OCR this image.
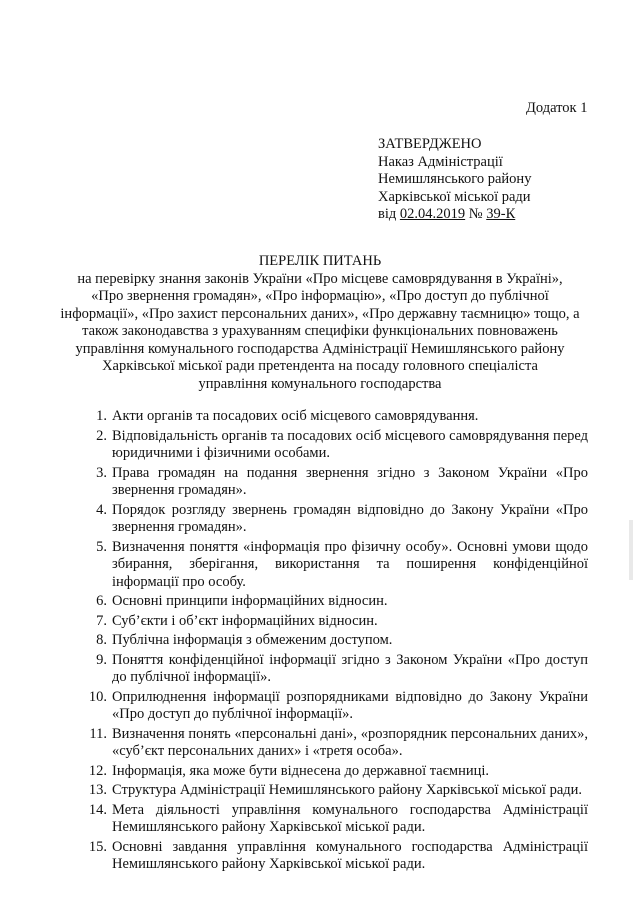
Додаток 1
ЗАТВЕРДЖЕНО
Наказ Адміністрації
Немишлянського району
Харківської міської ради
від 02.04.2019 № 39-К
ПЕРЕЛІК ПИТАНЬ
на перевірку знання законів України «Про місцеве самоврядування в Україні»,
«Про звернення громадян», «Про інформацію», «Про доступ до публічної
інформації», «Про захист персональних даних», «Про державну таємницю» тощо, а
також законодавства з урахуванням специфіки функціональних повноважень
управління комунального господарства Адміністрації Немишлянського району
Харківської міської ради претендента на посаду головного спеціаліста
управління комунального господарства
1. Акти органів та посадових осіб місцевого самоврядування.
2. Відповідальність органів та посадових осіб місцевого самоврядування перед юридичними і фізичними особами.
3. Права громадян на подання звернення згідно з Законом України «Про звернення громадян».
4. Порядок розгляду звернень громадян відповідно до Закону України «Про звернення громадян».
5. Визначення поняття «інформація про фізичну особу». Основні умови щодо збирання, зберігання, використання та поширення конфіденційної інформації про особу.
6. Основні принципи інформаційних відносин.
7. Суб’єкти і об’єкт інформаційних відносин.
8. Публічна інформація з обмеженим доступом.
9. Поняття конфіденційної інформації згідно з Законом України «Про доступ до публічної інформації».
10. Оприлюднення інформації розпорядниками відповідно до Закону України «Про доступ до публічної інформації».
11. Визначення понять «персональні дані», «розпорядник персональних даних», «суб’єкт персональних даних» і «третя особа».
12. Інформація, яка може бути віднесена до державної таємниці.
13. Структура Адміністрації Немишлянського району Харківської міської ради.
14. Мета діяльності управління комунального господарства Адміністрації Немишлянського району Харківської міської ради.
15. Основні завдання управління комунального господарства Адміністрації Немишлянського району Харківської міської ради.
